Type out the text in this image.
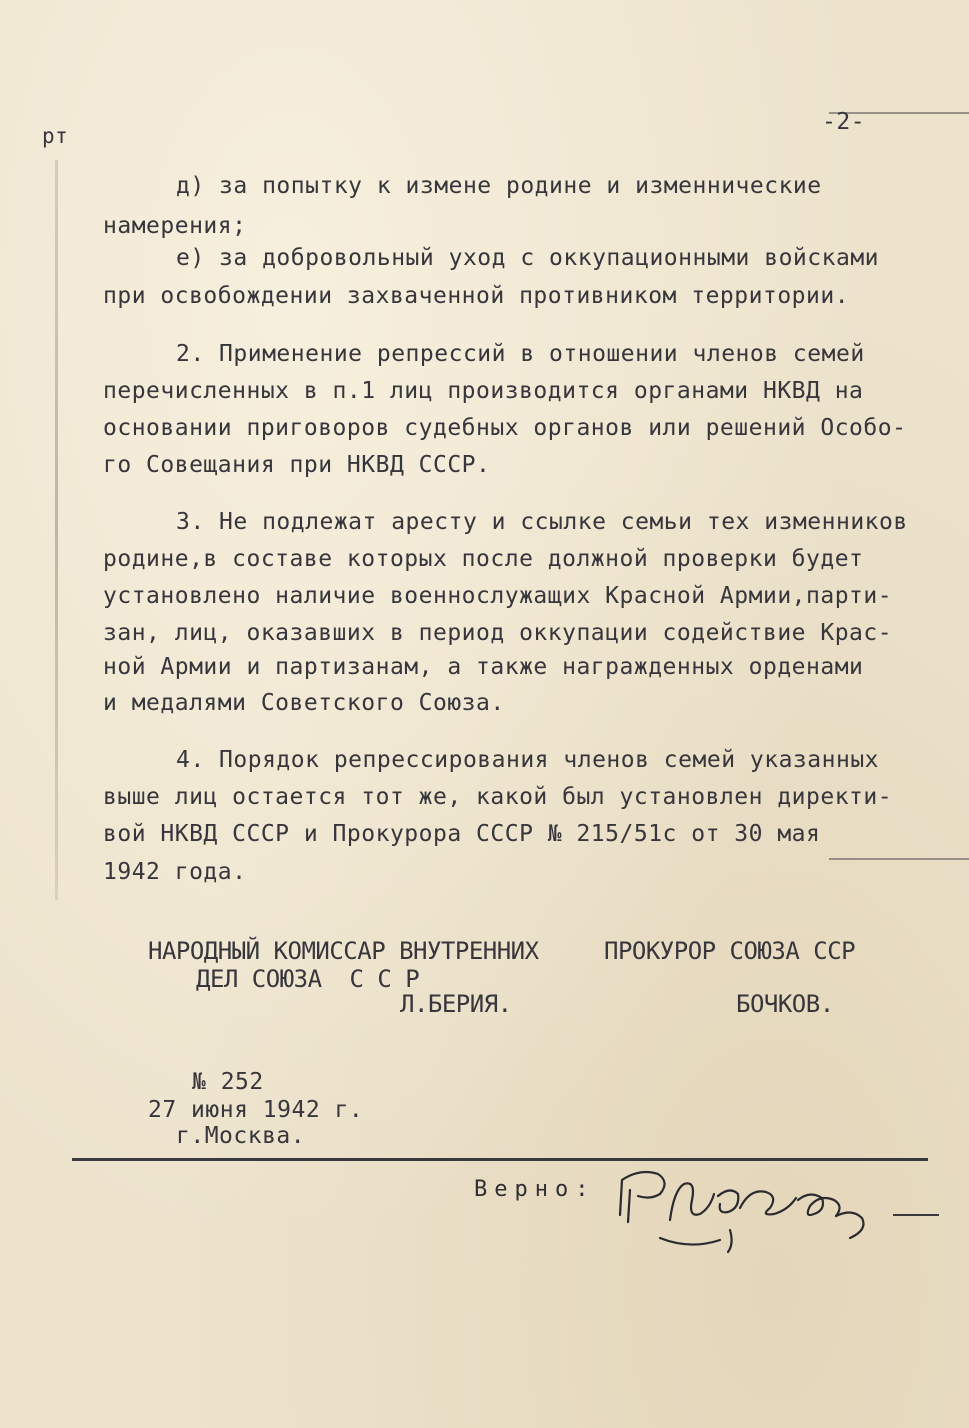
рт
-2-
д) за попытку к измене родине и изменнические
намерения;
е) за добровольный уход с оккупационными войсками
при освобождении захваченной противником территории.
2. Применение репрессий в отношении членов семей
перечисленных в п.1 лиц производится органами НКВД на
основании приговоров судебных органов или решений Особо-
го Совещания при НКВД СССР.
3. Не подлежат аресту и ссылке семьи тех изменников
родине,в составе которых после должной проверки будет
установлено наличие военнослужащих Красной Армии,парти-
зан, лиц, оказавших в период оккупации содействие Крас-
ной Армии и партизанам, а также награжденных орденами
и медалями Советского Союза.
4. Порядок репрессирования членов семей указанных
выше лиц остается тот же, какой был установлен директи-
вой НКВД СССР и Прокурора СССР № 215/51с от 30 мая
1942 года.
НАРОДНЫЙ КОМИССАР ВНУТРЕННИХ
ДЕЛ СОЮЗА  С С Р
Л.БЕРИЯ.
ПРОКУРОР СОЮЗА ССР
БОЧКОВ.
№ 252
27 июня 1942 г.
г.Москва.
Верно:
